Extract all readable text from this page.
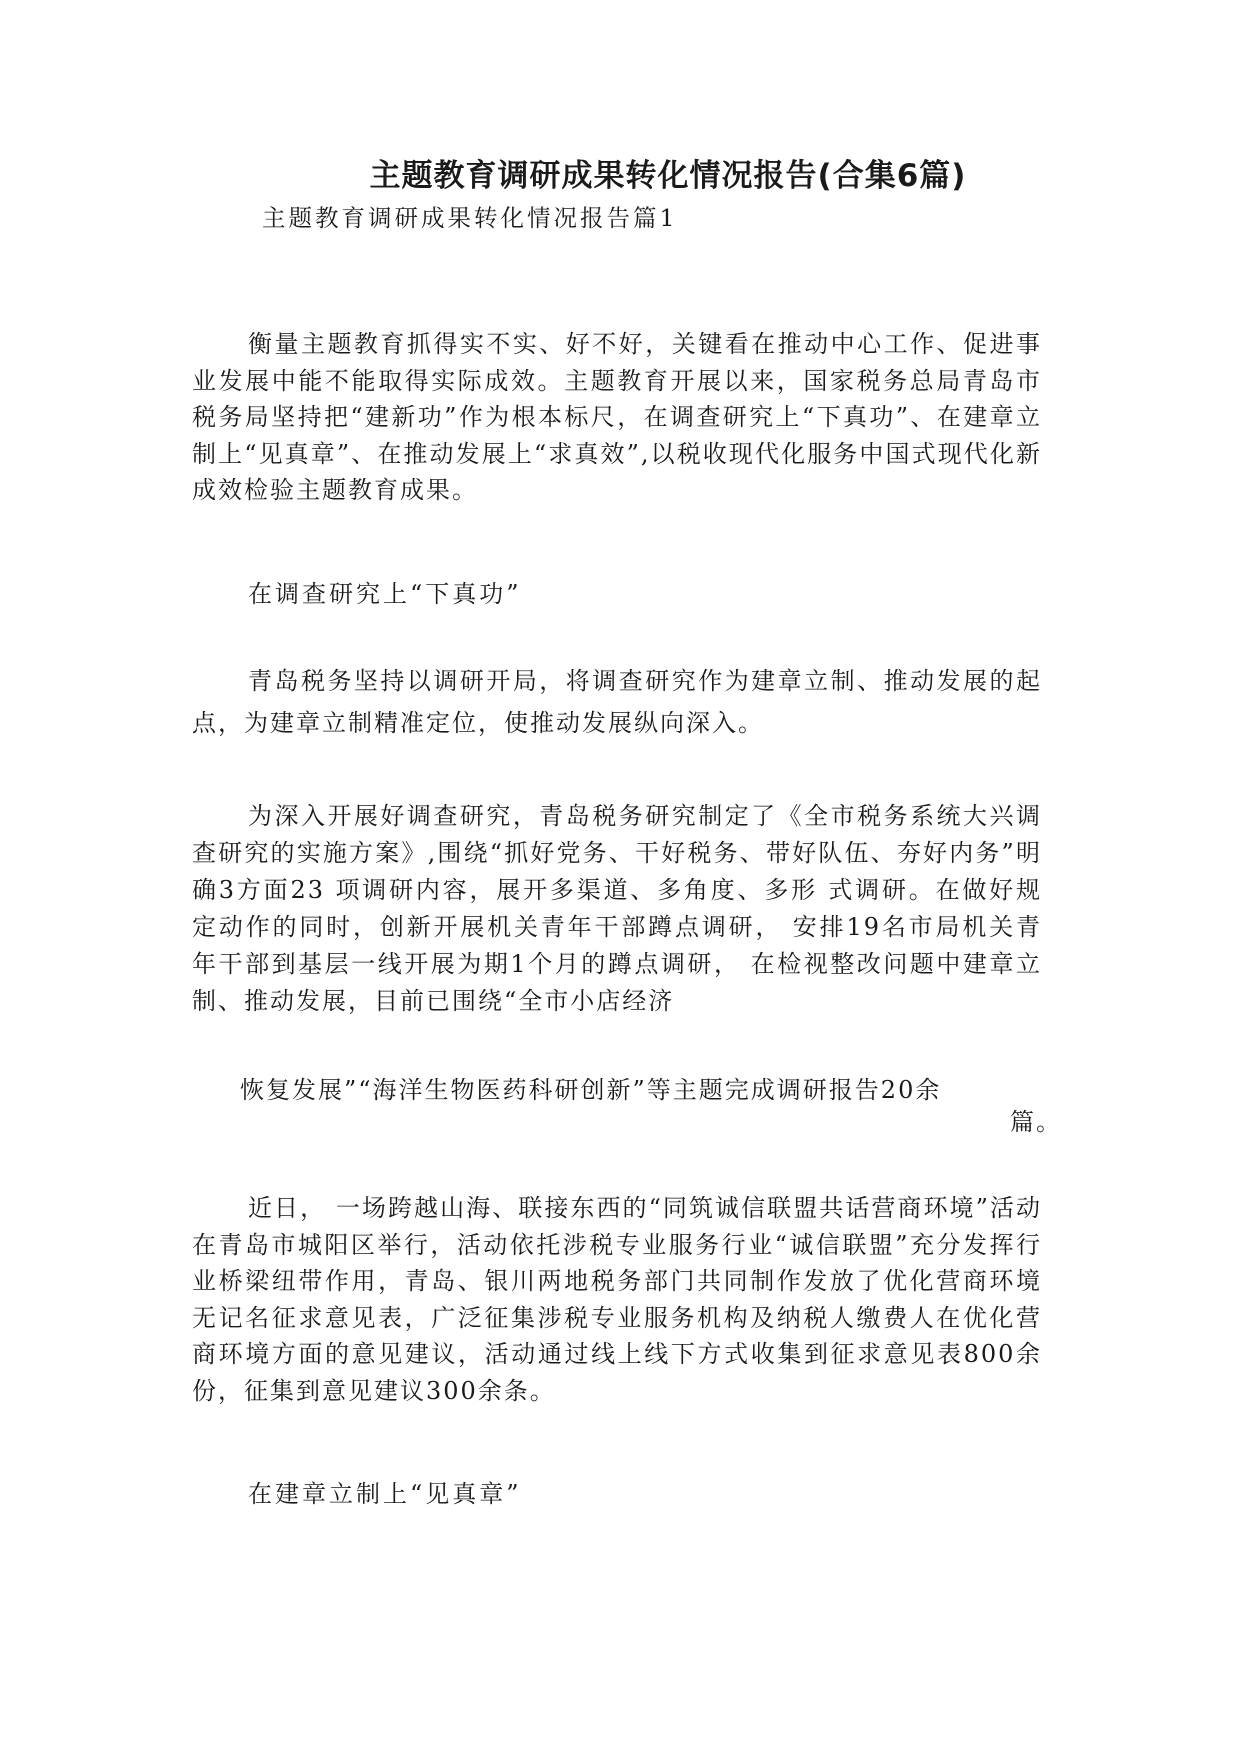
主题教育调研成果转化情况报告(合集6篇)
主题教育调研成果转化情况报告篇1

衡量主题教育抓得实不实、好不好，关键看在推动中心工作、促进事业发展中能不能取得实际成效。主题教育开展以来，国家税务总局青岛市税务局坚持把“建新功”作为根本标尺，在调查研究上“下真功”、在建章立制上“见真章”、在推动发展上“求真效”,以税收现代化服务中国式现代化新成效检验主题教育成果。

在调查研究上“下真功”

青岛税务坚持以调研开局，将调查研究作为建章立制、推动发展的起点，为建章立制精准定位，使推动发展纵向深入。

为深入开展好调查研究，青岛税务研究制定了《全市税务系统大兴调查研究的实施方案》,围绕“抓好党务、干好税务、带好队伍、夯好内务”明确3方面23 项调研内容，展开多渠道、多角度、多形 式调研。在做好规定动作的同时，创新开展机关青年干部蹲点调研， 安排19名市局机关青年干部到基层一线开展为期1个月的蹲点调研， 在检视整改问题中建章立制、推动发展，目前已围绕“全市小店经济

恢复发展”“海洋生物医药科研创新”等主题完成调研报告20余

篇。

近日， 一场跨越山海、联接东西的“同筑诚信联盟共话营商环境”活动在青岛市城阳区举行，活动依托涉税专业服务行业“诚信联盟”充分发挥行业桥梁纽带作用，青岛、银川两地税务部门共同制作发放了优化营商环境无记名征求意见表，广泛征集涉税专业服务机构及纳税人缴费人在优化营商环境方面的意见建议，活动通过线上线下方式收集到征求意见表800余份，征集到意见建议300余条。

在建章立制上“见真章”
